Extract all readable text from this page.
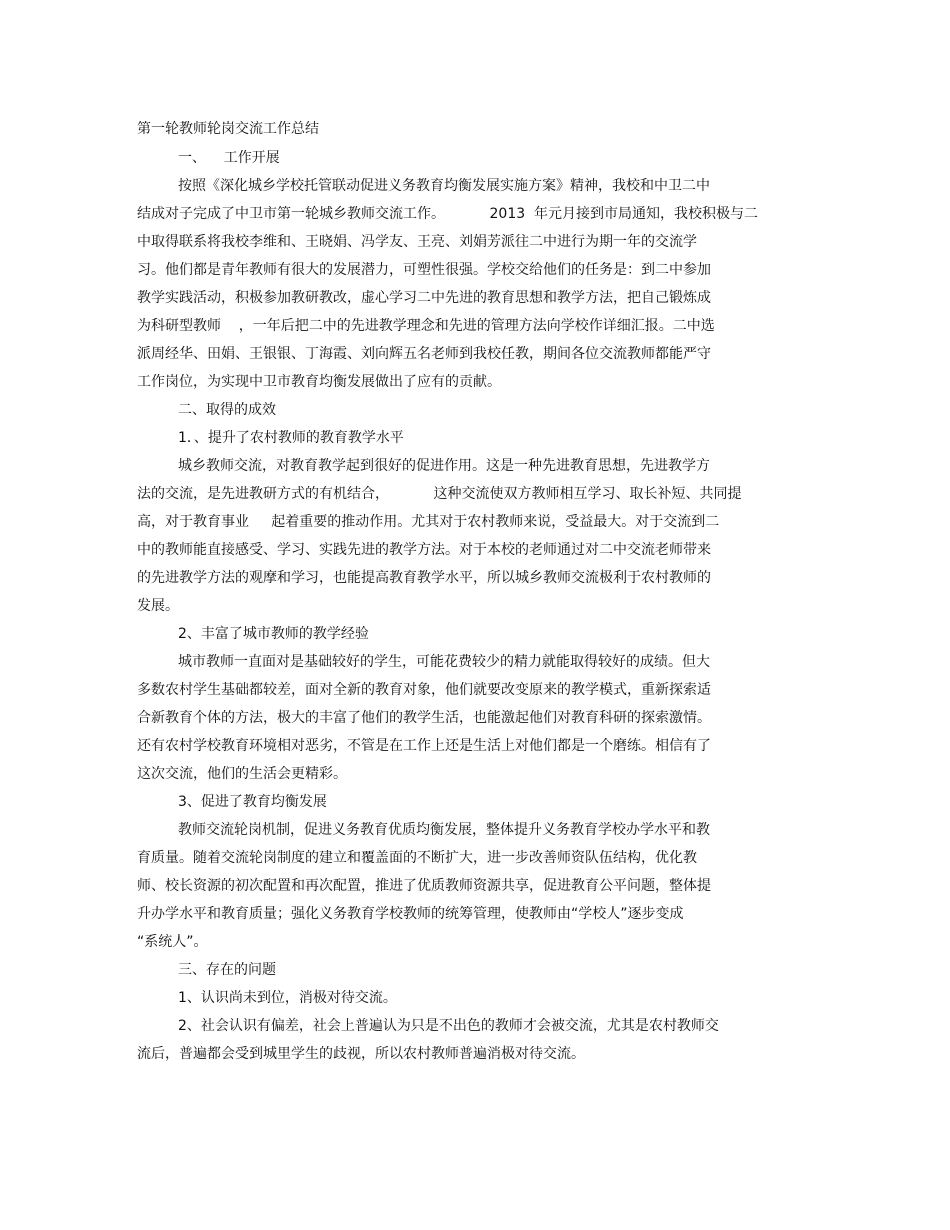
第一轮教师轮岗交流工作总结

一、    工作开展

按照《深化城乡学校托管联动促进义务教育均衡发展实施方案》精神，我校和中卫二中

结成对子完成了中卫市第一轮城乡教师交流工作。          2013  年元月接到市局通知，我校积极与二

中取得联系将我校李维和、王晓娟、冯学友、王亮、刘娟芳派往二中进行为期一年的交流学

习。他们都是青年教师有很大的发展潜力，可塑性很强。学校交给他们的任务是：到二中参加

教学实践活动，积极参加教研教改，虚心学习二中先进的教育思想和教学方法，把自己锻炼成

为科研型教师    ，一年后把二中的先进教学理念和先进的管理方法向学校作详细汇报。二中选

派周经华、田娟、王银银、丁海霞、刘向辉五名老师到我校任教，期间各位交流教师都能严守

工作岗位，为实现中卫市教育均衡发展做出了应有的贡献。

二、取得的成效

1．、提升了农村教师的教育教学水平

城乡教师交流，对教育教学起到很好的促进作用。这是一种先进教育思想，先进教学方

法的交流，是先进教研方式的有机结合，          这种交流使双方教师相互学习、取长补短、共同提

高，对于教育事业     起着重要的推动作用。尤其对于农村教师来说，受益最大。对于交流到二

中的教师能直接感受、学习、实践先进的教学方法。对于本校的老师通过对二中交流老师带来

的先进教学方法的观摩和学习，也能提高教育教学水平，所以城乡教师交流极利于农村教师的

发展。

2、丰富了城市教师的教学经验

城市教师一直面对是基础较好的学生，可能花费较少的精力就能取得较好的成绩。但大

多数农村学生基础都较差，面对全新的教育对象，他们就要改变原来的教学模式，重新探索适

合新教育个体的方法，极大的丰富了他们的教学生活，也能激起他们对教育科研的探索激情。

还有农村学校教育环境相对恶劣，不管是在工作上还是生活上对他们都是一个磨练。相信有了

这次交流，他们的生活会更精彩。

3、促进了教育均衡发展

教师交流轮岗机制，促进义务教育优质均衡发展，整体提升义务教育学校办学水平和教

育质量。随着交流轮岗制度的建立和覆盖面的不断扩大，进一步改善师资队伍结构，优化教

师、校长资源的初次配置和再次配置，推进了优质教师资源共享，促进教育公平问题，整体提

升办学水平和教育质量；强化义务教育学校教师的统筹管理，使教师由“学校人”逐步变成

“系统人”。

三、存在的问题

1、认识尚未到位，消极对待交流。

2、社会认识有偏差，社会上普遍认为只是不出色的教师才会被交流，尤其是农村教师交

流后，普遍都会受到城里学生的歧视，所以农村教师普遍消极对待交流。
